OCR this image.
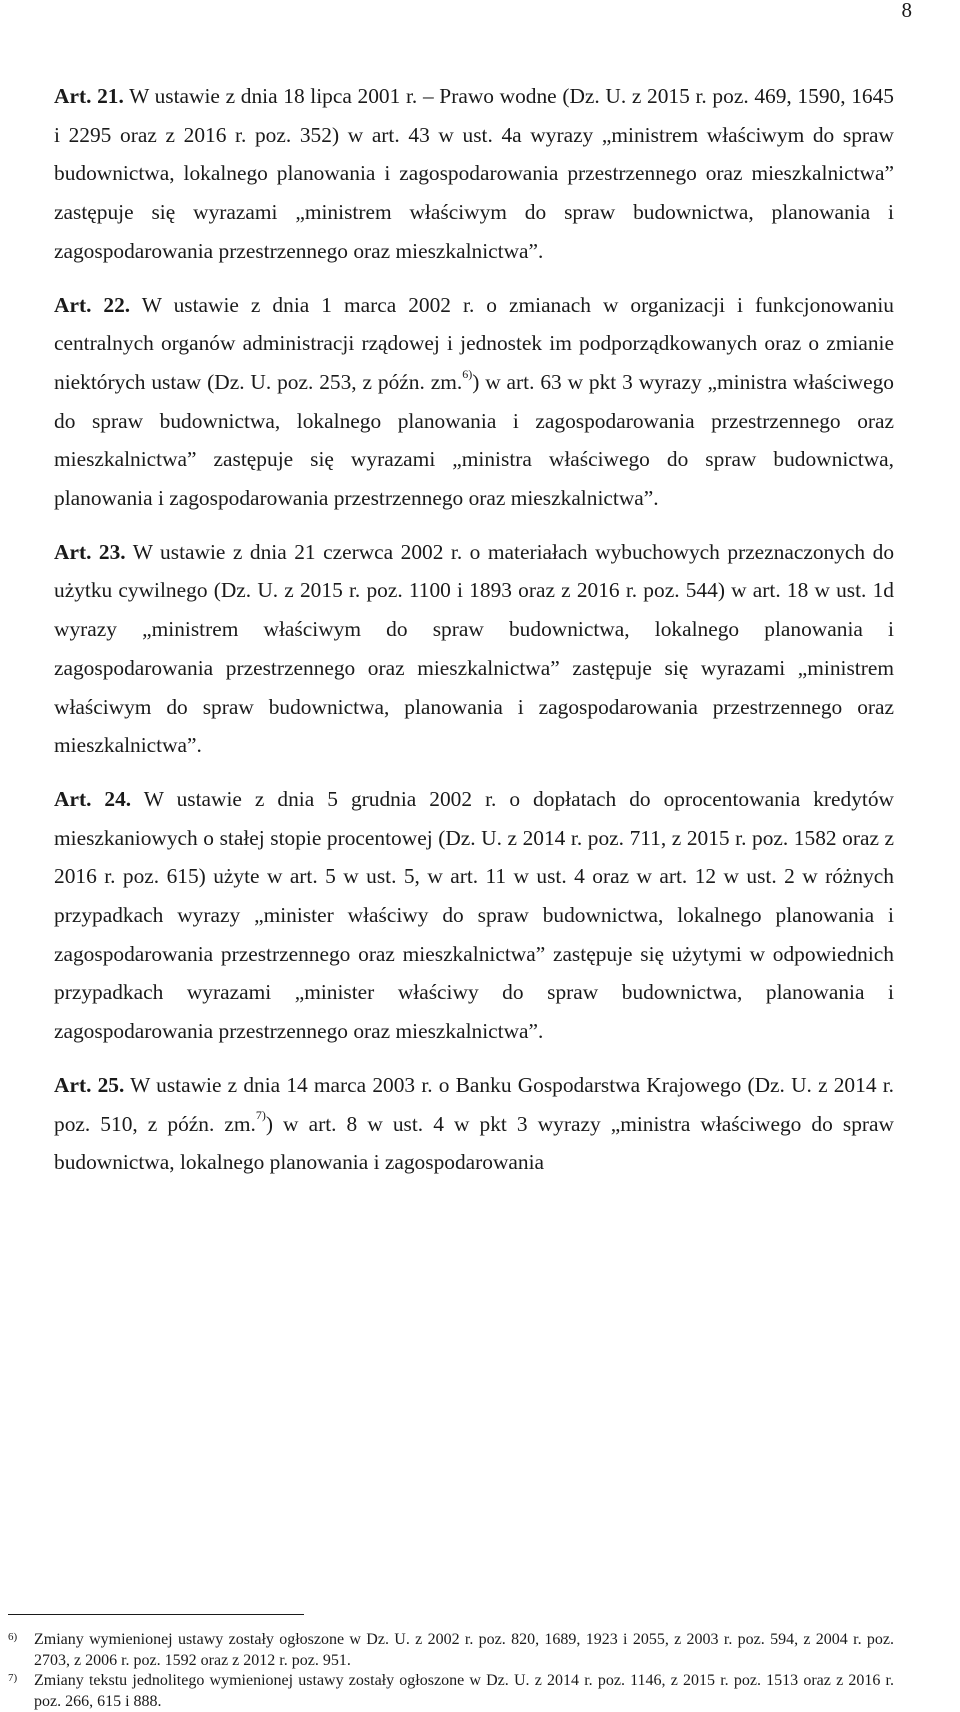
8

Art. 21. W ustawie z dnia 18 lipca 2001 r. – Prawo wodne (Dz. U. z 2015 r. poz. 469, 1590, 1645 i 2295 oraz z 2016 r. poz. 352) w art. 43 w ust. 4a wyrazy „ministrem właściwym do spraw budownictwa, lokalnego planowania i zagospodarowania przestrzennego oraz mieszkalnictwa” zastępuje się wyrazami „ministrem właściwym do spraw budownictwa, planowania i zagospodarowania przestrzennego oraz mieszkalnictwa”.

Art. 22. W ustawie z dnia 1 marca 2002 r. o zmianach w organizacji i funkcjonowaniu centralnych organów administracji rządowej i jednostek im podporządkowanych oraz o zmianie niektórych ustaw (Dz. U. poz. 253, z późn. zm.$^{6)}$) w art. 63 w pkt 3 wyrazy „ministra właściwego do spraw budownictwa, lokalnego planowania i zagospodarowania przestrzennego oraz mieszkalnictwa” zastępuje się wyrazami „ministra właściwego do spraw budownictwa, planowania i zagospodarowania przestrzennego oraz mieszkalnictwa”.

Art. 23. W ustawie z dnia 21 czerwca 2002 r. o materiałach wybuchowych przeznaczonych do użytku cywilnego (Dz. U. z 2015 r. poz. 1100 i 1893 oraz z 2016 r. poz. 544) w art. 18 w ust. 1d wyrazy „ministrem właściwym do spraw budownictwa, lokalnego planowania i zagospodarowania przestrzennego oraz mieszkalnictwa” zastępuje się wyrazami „ministrem właściwym do spraw budownictwa, planowania i zagospodarowania przestrzennego oraz mieszkalnictwa”.

Art. 24. W ustawie z dnia 5 grudnia 2002 r. o dopłatach do oprocentowania kredytów mieszkaniowych o stałej stopie procentowej (Dz. U. z 2014 r. poz. 711, z 2015 r. poz. 1582 oraz z 2016 r. poz. 615) użyte w art. 5 w ust. 5, w art. 11 w ust. 4 oraz w art. 12 w ust. 2 w różnych przypadkach wyrazy „minister właściwy do spraw budownictwa, lokalnego planowania i zagospodarowania przestrzennego oraz mieszkalnictwa” zastępuje się użytymi w odpowiednich przypadkach wyrazami „minister właściwy do spraw budownictwa, planowania i zagospodarowania przestrzennego oraz mieszkalnictwa”.

Art. 25. W ustawie z dnia 14 marca 2003 r. o Banku Gospodarstwa Krajowego (Dz. U. z 2014 r. poz. 510, z późn. zm.$^{7)}$) w art. 8 w ust. 4 w pkt 3 wyrazy „ministra właściwego do spraw budownictwa, lokalnego planowania i zagospodarowania

6)	Zmiany wymienionej ustawy zostały ogłoszone w Dz. U. z 2002 r. poz. 820, 1689, 1923 i 2055, z 2003 r. poz. 594, z 2004 r. poz. 2703, z 2006 r. poz. 1592 oraz z 2012 r. poz. 951.

7)	Zmiany tekstu jednolitego wymienionej ustawy zostały ogłoszone w Dz. U. z 2014 r. poz. 1146, z 2015 r. poz. 1513 oraz z 2016 r. poz. 266, 615 i 888.
